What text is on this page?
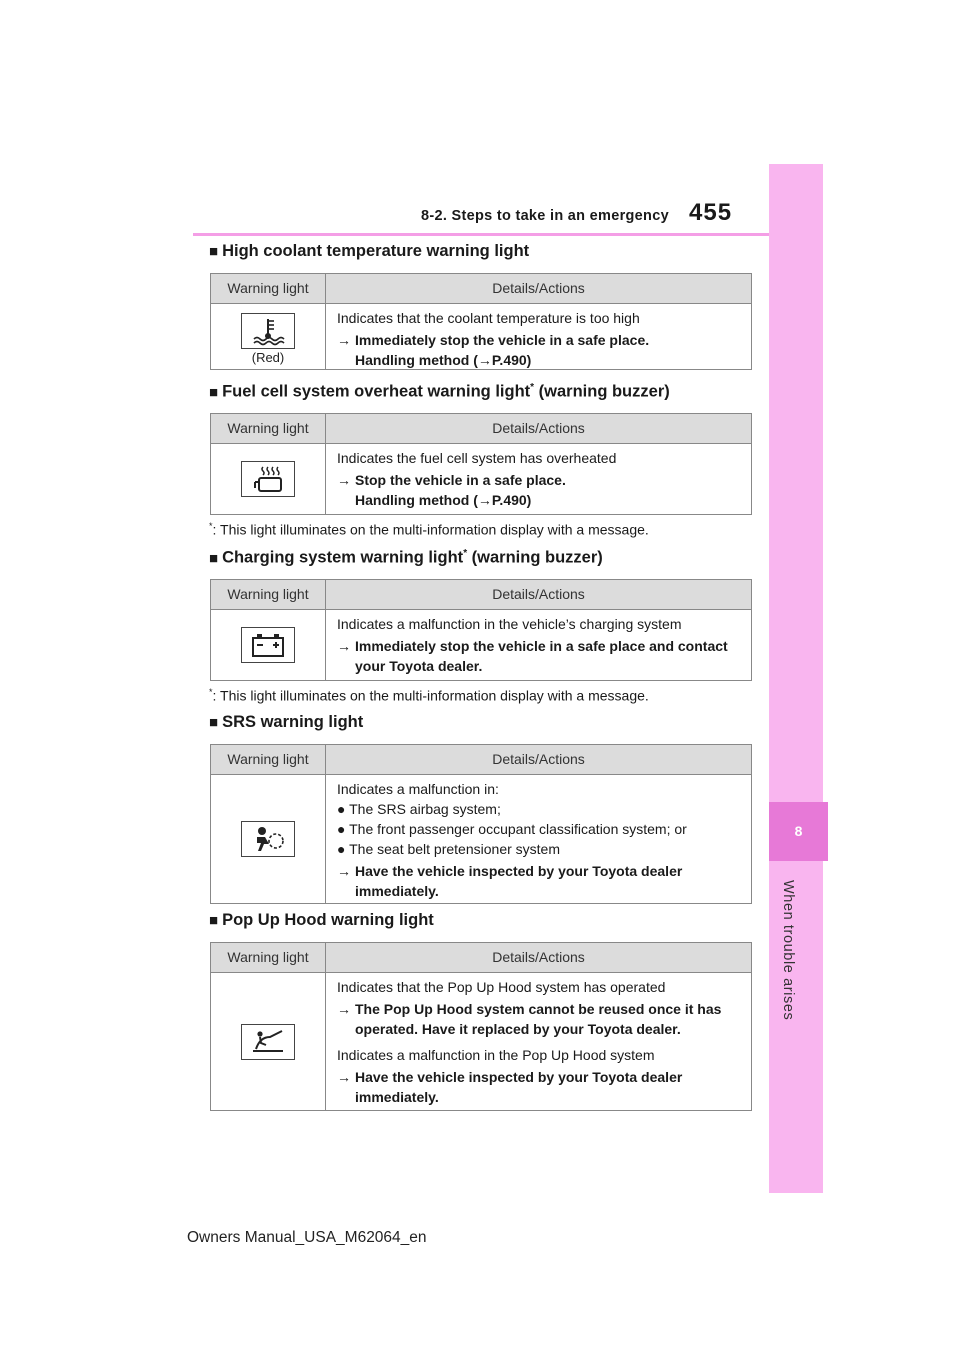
8-2. Steps to take in an emergency 455
8
When trouble arises
■ High coolant temperature warning light
Warning light	Details/Actions
(Red)
Indicates that the coolant temperature is too high
→ Immediately stop the vehicle in a safe place.
Handling method (→P.490)
■ Fuel cell system overheat warning light* (warning buzzer)
Warning light	Details/Actions
Indicates the fuel cell system has overheated
→ Stop the vehicle in a safe place.
Handling method (→P.490)
*: This light illuminates on the multi-information display with a message.
■ Charging system warning light* (warning buzzer)
Warning light	Details/Actions
Indicates a malfunction in the vehicle’s charging system
→ Immediately stop the vehicle in a safe place and contact your Toyota dealer.
*: This light illuminates on the multi-information display with a message.
■ SRS warning light
Warning light	Details/Actions
Indicates a malfunction in:
● The SRS airbag system;
● The front passenger occupant classification system; or
● The seat belt pretensioner system
→ Have the vehicle inspected by your Toyota dealer immediately.
■ Pop Up Hood warning light
Warning light	Details/Actions
Indicates that the Pop Up Hood system has operated
→ The Pop Up Hood system cannot be reused once it has operated. Have it replaced by your Toyota dealer.
Indicates a malfunction in the Pop Up Hood system
→ Have the vehicle inspected by your Toyota dealer immediately.
Owners Manual_USA_M62064_en
